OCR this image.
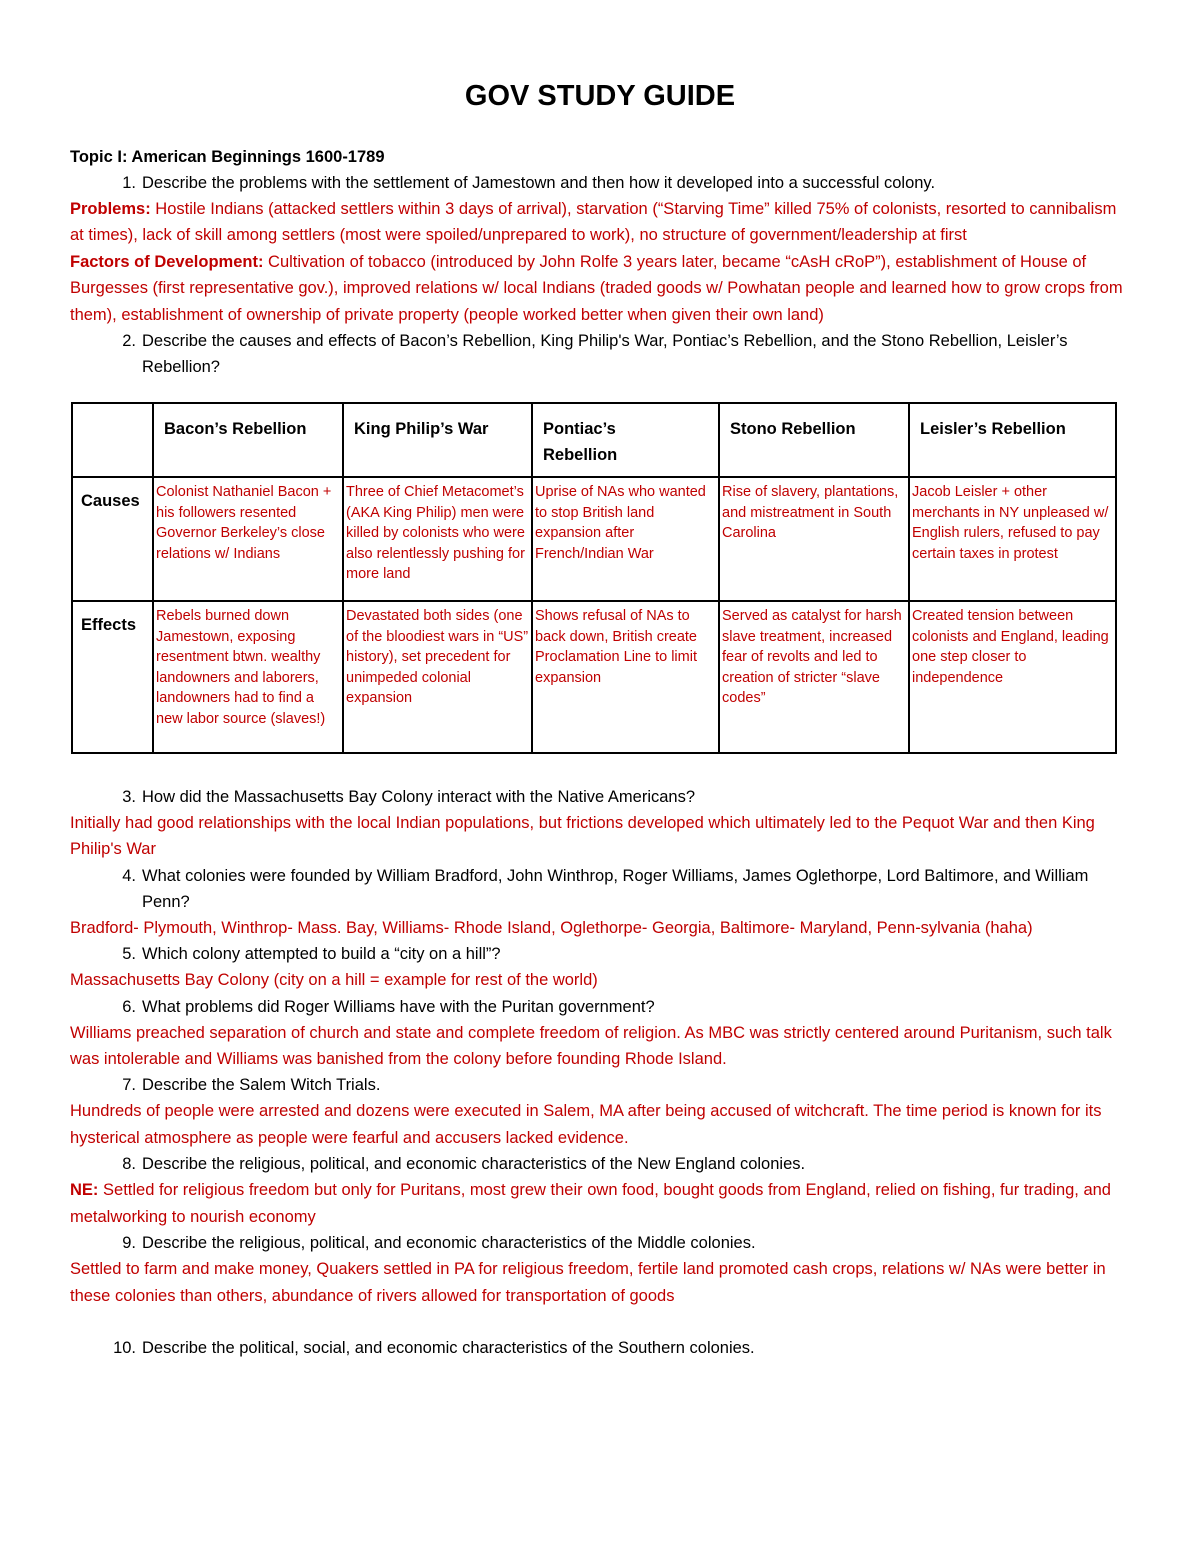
GOV STUDY GUIDE
Topic I: American Beginnings 1600-1789
1. Describe the problems with the settlement of Jamestown and then how it developed into a successful colony.
Problems: Hostile Indians (attacked settlers within 3 days of arrival), starvation (“Starving Time” killed 75% of colonists, resorted to cannibalism at times), lack of skill among settlers (most were spoiled/unprepared to work), no structure of government/leadership at first
Factors of Development: Cultivation of tobacco (introduced by John Rolfe 3 years later, became “cAsH cRoP”), establishment of House of Burgesses (first representative gov.), improved relations w/ local Indians (traded goods w/ Powhatan people and learned how to grow crops from them), establishment of ownership of private property (people worked better when given their own land)
2. Describe the causes and effects of Bacon’s Rebellion, King Philip's War, Pontiac’s Rebellion, and the Stono Rebellion, Leisler’s Rebellion?
	Bacon’s Rebellion	King Philip’s War	Pontiac’s Rebellion	Stono Rebellion	Leisler’s Rebellion
Causes	Colonist Nathaniel Bacon + his followers resented Governor Berkeley’s close relations w/ Indians	Three of Chief Metacomet’s (AKA King Philip) men were killed by colonists who were also relentlessly pushing for more land	Uprise of NAs who wanted to stop British land expansion after French/Indian War	Rise of slavery, plantations, and mistreatment in South Carolina	Jacob Leisler + other merchants in NY unpleased w/ English rulers, refused to pay certain taxes in protest
Effects	Rebels burned down Jamestown, exposing resentment btwn. wealthy landowners and laborers, landowners had to find a new labor source (slaves!)	Devastated both sides (one of the bloodiest wars in “US” history), set precedent for unimpeded colonial expansion	Shows refusal of NAs to back down, British create Proclamation Line to limit expansion	Served as catalyst for harsh slave treatment, increased fear of revolts and led to creation of stricter “slave codes”	Created tension between colonists and England, leading one step closer to independence
3. How did the Massachusetts Bay Colony interact with the Native Americans?
Initially had good relationships with the local Indian populations, but frictions developed which ultimately led to the Pequot War and then King Philip's War
4. What colonies were founded by William Bradford, John Winthrop, Roger Williams, James Oglethorpe, Lord Baltimore, and William Penn?
Bradford- Plymouth, Winthrop- Mass. Bay, Williams- Rhode Island, Oglethorpe- Georgia, Baltimore- Maryland, Penn-sylvania (haha)
5. Which colony attempted to build a “city on a hill”?
Massachusetts Bay Colony (city on a hill = example for rest of the world)
6. What problems did Roger Williams have with the Puritan government?
Williams preached separation of church and state and complete freedom of religion. As MBC was strictly centered around Puritanism, such talk was intolerable and Williams was banished from the colony before founding Rhode Island.
7. Describe the Salem Witch Trials.
Hundreds of people were arrested and dozens were executed in Salem, MA after being accused of witchcraft. The time period is known for its hysterical atmosphere as people were fearful and accusers lacked evidence.
8. Describe the religious, political, and economic characteristics of the New England colonies.
NE: Settled for religious freedom but only for Puritans, most grew their own food, bought goods from England, relied on fishing, fur trading, and metalworking to nourish economy
9. Describe the religious, political, and economic characteristics of the Middle colonies.
Settled to farm and make money, Quakers settled in PA for religious freedom, fertile land promoted cash crops, relations w/ NAs were better in these colonies than others, abundance of rivers allowed for transportation of goods
10. Describe the political, social, and economic characteristics of the Southern colonies.
